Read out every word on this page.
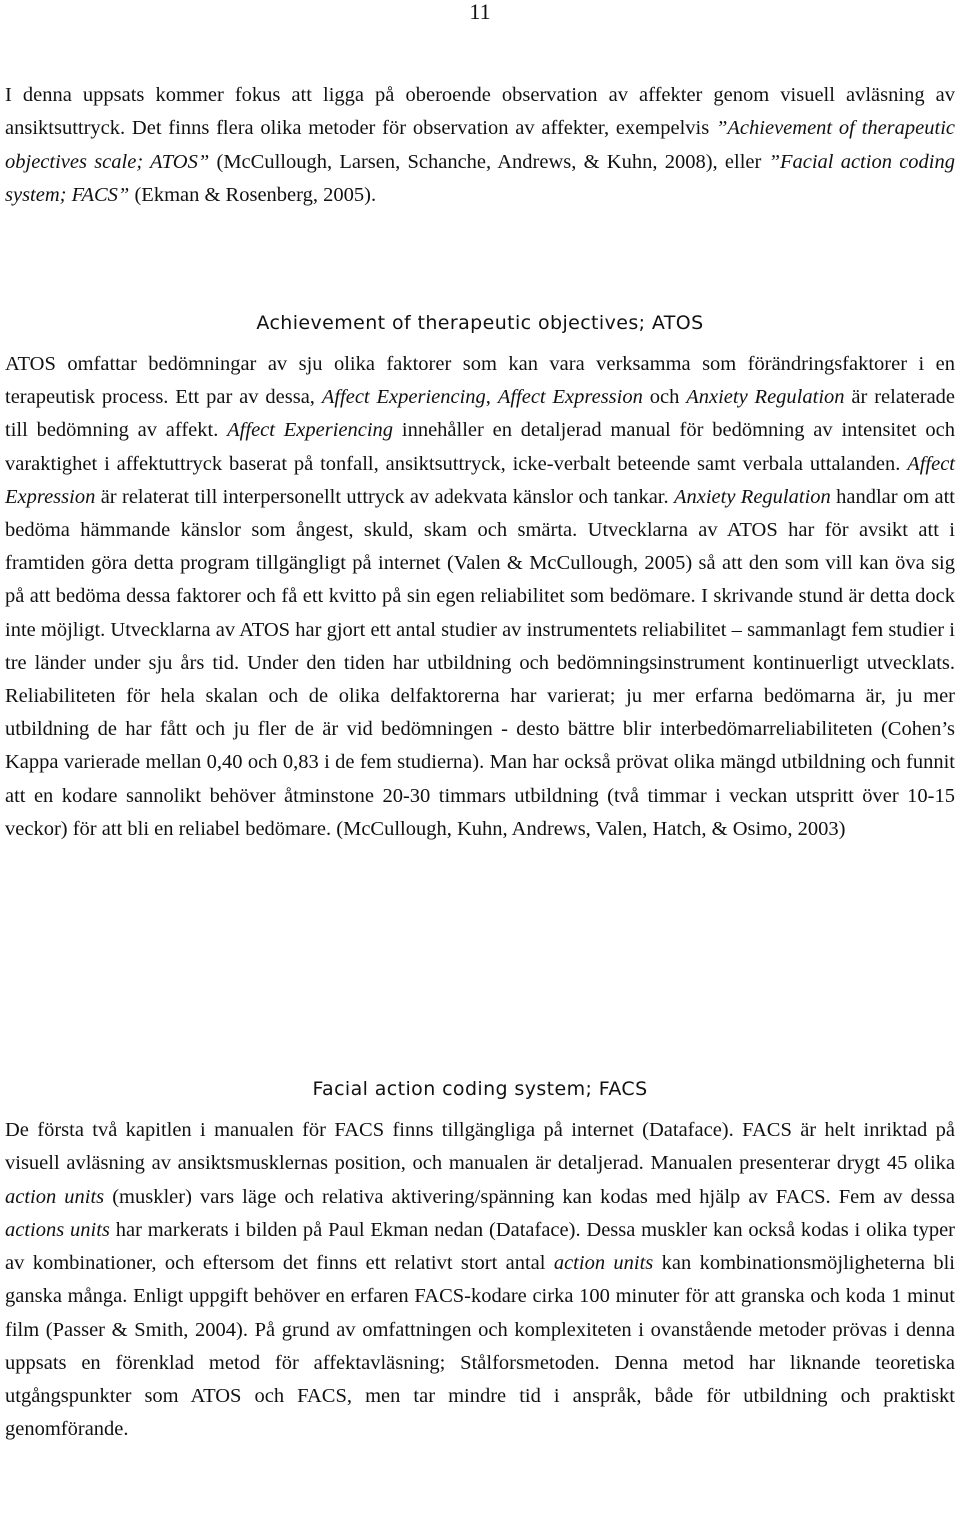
11

I denna uppsats kommer fokus att ligga på oberoende observation av affekter genom visuell avläsning av ansiktsuttryck. Det finns flera olika metoder för observation av affekter, exempelvis ”Achievement of therapeutic objectives scale; ATOS” (McCullough, Larsen, Schanche, Andrews, & Kuhn, 2008), eller ”Facial action coding system; FACS” (Ekman & Rosenberg, 2005).

Achievement of therapeutic objectives; ATOS

ATOS omfattar bedömningar av sju olika faktorer som kan vara verksamma som förändringsfaktorer i en terapeutisk process. Ett par av dessa, Affect Experiencing, Affect Expression och Anxiety Regulation är relaterade till bedömning av affekt. Affect Experiencing innehåller en detaljerad manual för bedömning av intensitet och varaktighet i affektuttryck baserat på tonfall, ansiktsuttryck, icke-verbalt beteende samt verbala uttalanden. Affect Expression är relaterat till interpersonellt uttryck av adekvata känslor och tankar. Anxiety Regulation handlar om att bedöma hämmande känslor som ångest, skuld, skam och smärta. Utvecklarna av ATOS har för avsikt att i framtiden göra detta program tillgängligt på internet (Valen & McCullough, 2005) så att den som vill kan öva sig på att bedöma dessa faktorer och få ett kvitto på sin egen reliabilitet som bedömare. I skrivande stund är detta dock inte möjligt. Utvecklarna av ATOS har gjort ett antal studier av instrumentets reliabilitet – sammanlagt fem studier i tre länder under sju års tid. Under den tiden har utbildning och bedömningsinstrument kontinuerligt utvecklats. Reliabiliteten för hela skalan och de olika delfaktorerna har varierat; ju mer erfarna bedömarna är, ju mer utbildning de har fått och ju fler de är vid bedömningen - desto bättre blir interbedömarreliabiliteten (Cohen’s Kappa varierade mellan 0,40 och 0,83 i de fem studierna). Man har också prövat olika mängd utbildning och funnit att en kodare sannolikt behöver åtminstone 20-30 timmars utbildning (två timmar i veckan utspritt över 10-15 veckor) för att bli en reliabel bedömare. (McCullough, Kuhn, Andrews, Valen, Hatch, & Osimo, 2003)

Facial action coding system; FACS

De första två kapitlen i manualen för FACS finns tillgängliga på internet (Dataface). FACS är helt inriktad på visuell avläsning av ansiktsmusklernas position, och manualen är detaljerad. Manualen presenterar drygt 45 olika action units (muskler) vars läge och relativa aktivering/spänning kan kodas med hjälp av FACS. Fem av dessa actions units har markerats i bilden på Paul Ekman nedan (Dataface). Dessa muskler kan också kodas i olika typer av kombinationer, och eftersom det finns ett relativt stort antal action units kan kombinationsmöjligheterna bli ganska många. Enligt uppgift behöver en erfaren FACS-kodare cirka 100 minuter för att granska och koda 1 minut film (Passer & Smith, 2004). På grund av omfattningen och komplexiteten i ovanstående metoder prövas i denna uppsats en förenklad metod för affektavläsning; Stålforsmetoden. Denna metod har liknande teoretiska utgångspunkter som ATOS och FACS, men tar mindre tid i anspråk, både för utbildning och praktiskt genomförande.
